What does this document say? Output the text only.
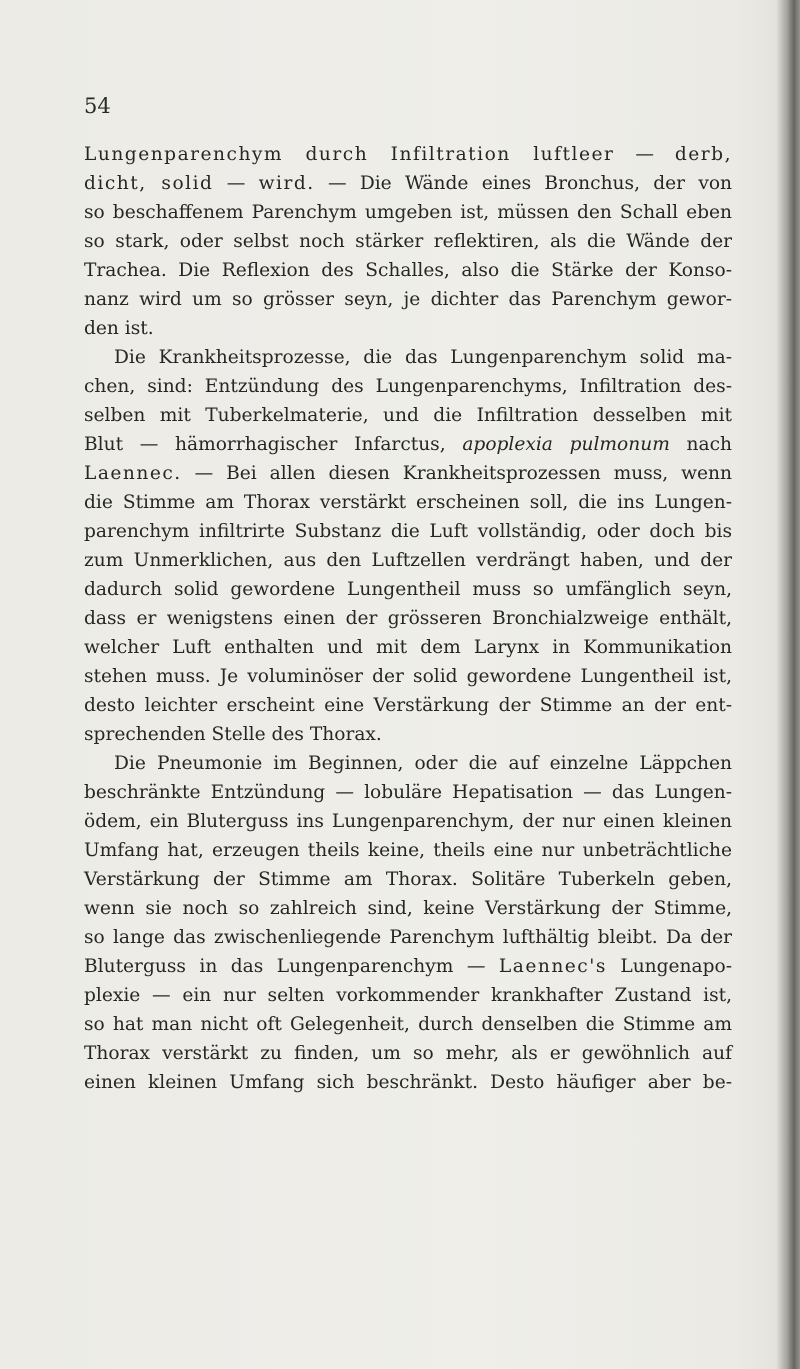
54
Lungenparenchym durch Infiltration luftleer — derb,
dicht, solid — wird. — Die Wände eines Bronchus, der von
so beschaffenem Parenchym umgeben ist, müssen den Schall eben
so stark, oder selbst noch stärker reflektiren, als die Wände der
Trachea. Die Reflexion des Schalles, also die Stärke der Konso-
nanz wird um so grösser seyn, je dichter das Parenchym gewor-
den ist.
Die Krankheitsprozesse, die das Lungenparenchym solid ma-
chen, sind: Entzündung des Lungenparenchyms, Infiltration des-
selben mit Tuberkelmaterie, und die Infiltration desselben mit
Blut — hämorrhagischer Infarctus, apoplexia pulmonum nach
Laennec. — Bei allen diesen Krankheitsprozessen muss, wenn
die Stimme am Thorax verstärkt erscheinen soll, die ins Lungen-
parenchym infiltrirte Substanz die Luft vollständig, oder doch bis
zum Unmerklichen, aus den Luftzellen verdrängt haben, und der
dadurch solid gewordene Lungentheil muss so umfänglich seyn,
dass er wenigstens einen der grösseren Bronchialzweige enthält,
welcher Luft enthalten und mit dem Larynx in Kommunikation
stehen muss. Je voluminöser der solid gewordene Lungentheil ist,
desto leichter erscheint eine Verstärkung der Stimme an der ent-
sprechenden Stelle des Thorax.
Die Pneumonie im Beginnen, oder die auf einzelne Läppchen
beschränkte Entzündung — lobuläre Hepatisation — das Lungen-
ödem, ein Bluterguss ins Lungenparenchym, der nur einen kleinen
Umfang hat, erzeugen theils keine, theils eine nur unbeträchtliche
Verstärkung der Stimme am Thorax. Solitäre Tuberkeln geben,
wenn sie noch so zahlreich sind, keine Verstärkung der Stimme,
so lange das zwischenliegende Parenchym lufthältig bleibt. Da der
Bluterguss in das Lungenparenchym — Laennec's Lungenapo-
plexie — ein nur selten vorkommender krankhafter Zustand ist,
so hat man nicht oft Gelegenheit, durch denselben die Stimme am
Thorax verstärkt zu finden, um so mehr, als er gewöhnlich auf
einen kleinen Umfang sich beschränkt. Desto häufiger aber be-
